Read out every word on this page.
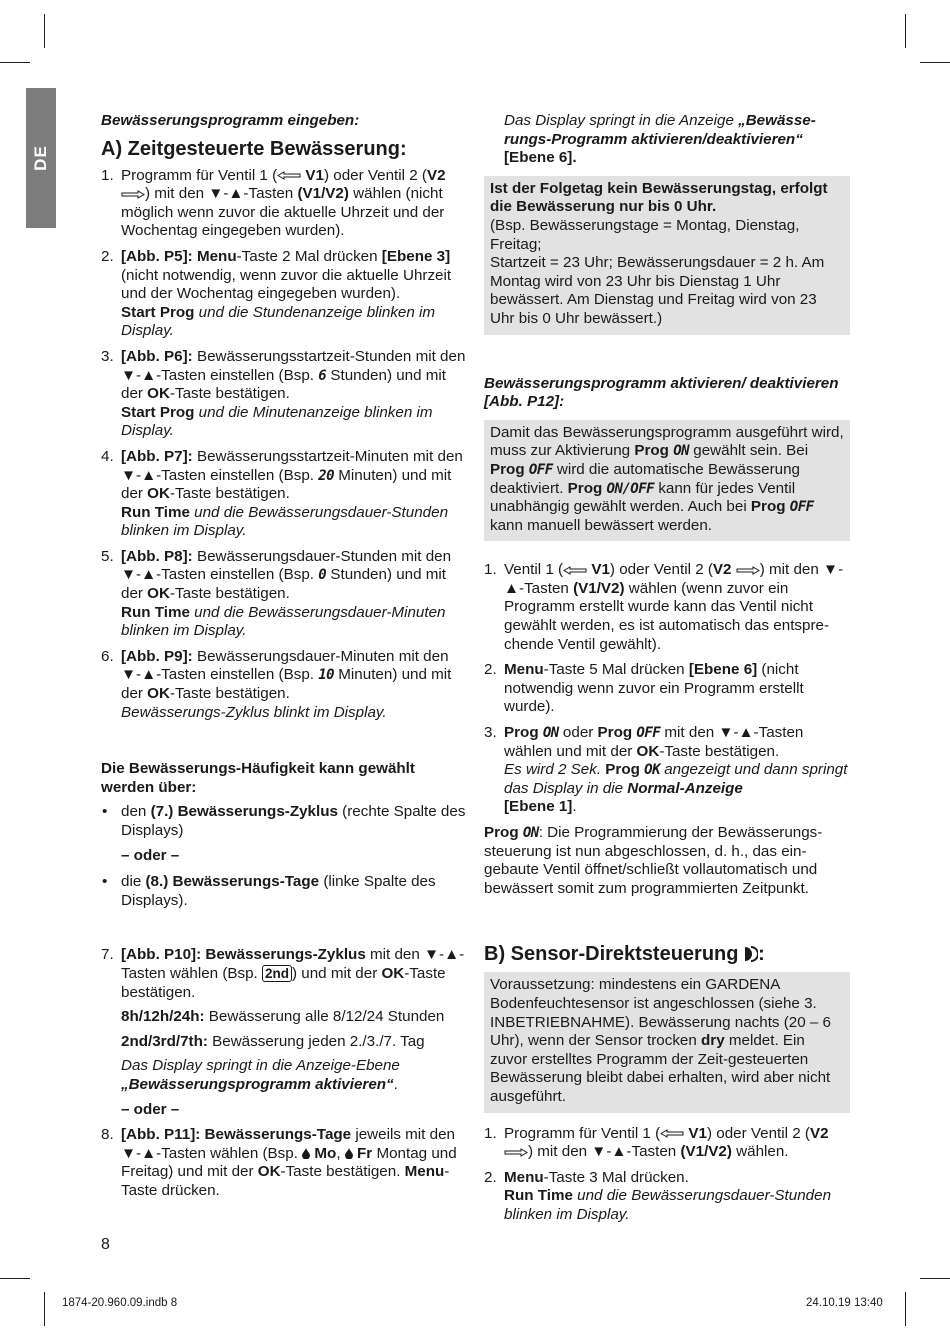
DE

Bewässerungsprogramm eingeben:

A) Zeitgesteuerte Bewässerung:
1. Programm für Ventil 1 ( V1) oder Ventil 2 (V2 ) mit den ▼-▲-Tasten (V1/V2) wählen (nicht möglich wenn zuvor die aktuelle Uhrzeit und der Wochentag eingegeben wurden).
2. [Abb. P5]: Menu-Taste 2 Mal drücken [Ebene 3] (nicht notwendig, wenn zuvor die aktuelle Uhrzeit und der Wochentag eingegeben wurden).
Start Prog und die Stundenanzeige blinken im Display.
3. [Abb. P6]: Bewässerungsstartzeit-Stunden mit den ▼-▲-Tasten einstellen (Bsp. 6 Stunden) und mit der OK-Taste bestätigen.
Start Prog und die Minutenanzeige blinken im Display.
4. [Abb. P7]: Bewässerungsstartzeit-Minuten mit den ▼-▲-Tasten einstellen (Bsp. 20 Minuten) und mit der OK-Taste bestätigen.
Run Time und die Bewässerungsdauer-Stunden blinken im Display.
5. [Abb. P8]: Bewässerungsdauer-Stunden mit den ▼-▲-Tasten einstellen (Bsp. 0 Stunden) und mit der OK-Taste bestätigen.
Run Time und die Bewässerungsdauer-Minuten blinken im Display.
6. [Abb. P9]: Bewässerungsdauer-Minuten mit den ▼-▲-Tasten einstellen (Bsp. 10 Minuten) und mit der OK-Taste bestätigen.
Bewässerungs-Zyklus blinkt im Display.

Die Bewässerungs-Häufigkeit kann gewählt werden über:

• den (7.) Bewässerungs-Zyklus (rechte Spalte des Displays)
– oder –
• die (8.) Bewässerungs-Tage (linke Spalte des Displays).
7. [Abb. P10]: Bewässerungs-Zyklus mit den ▼-▲-Tasten wählen (Bsp. 2nd ) und mit der OK-Taste bestätigen.
8h/12h/24h: Bewässerung alle 8/12/24 Stunden
2nd/3rd/7th: Bewässerung jeden 2./3./7. Tag
Das Display springt in die Anzeige-Ebene „Bewässerungsprogramm aktivieren“.
– oder –
8. [Abb. P11]: Bewässerungs-Tage jeweils mit den ▼-▲-Tasten wählen (Bsp.  Mo,  Fr Montag und Freitag) und mit der OK-Taste bestätigen. Menu-Taste drücken.
Das Display springt in die Anzeige „Bewässe-rungs-Programm aktivieren/deaktivieren“
[Ebene 6].
Ist der Folgetag kein Bewässerungstag, erfolgt die Bewässerung nur bis 0 Uhr.
(Bsp. Bewässerungstage = Montag, Dienstag, Freitag;
Startzeit = 23 Uhr; Bewässerungsdauer = 2 h. Am Montag wird von 23 Uhr bis Dienstag 1 Uhr bewässert. Am Dienstag und Freitag wird von 23 Uhr bis 0 Uhr bewässert.)

Bewässerungsprogramm aktivieren/ deaktivieren [Abb. P12]:

Damit das Bewässerungsprogramm ausgeführt wird, muss zur Aktivierung Prog ON gewählt sein. Bei Prog OFF wird die automatische Bewässerung deaktiviert. Prog ON/OFF kann für jedes Ventil unabhängig gewählt werden. Auch bei Prog OFF kann manuell bewässert werden.
1. Ventil 1 ( V1) oder Ventil 2 (V2 ) mit den ▼-▲-Tasten (V1/V2) wählen (wenn zuvor ein Programm erstellt wurde kann das Ventil nicht gewählt werden, es ist automatisch das entspre-chende Ventil gewählt).
2. Menu-Taste 5 Mal drücken [Ebene 6] (nicht notwendig wenn zuvor ein Programm erstellt wurde).
3. Prog ON oder Prog OFF mit den ▼-▲-Tasten wählen und mit der OK-Taste bestätigen.
Es wird 2 Sek. Prog OK angezeigt und dann springt das Display in die Normal-Anzeige
[Ebene 1].
Prog ON: Die Programmierung der Bewässerungs-steuerung ist nun abgeschlossen, d. h., das ein-gebaute Ventil öffnet/schließt vollautomatisch und bewässert somit zum programmierten Zeitpunkt.
B) Sensor-Direktsteuerung :
Voraussetzung: mindestens ein GARDENA Bodenfeuchtesensor ist angeschlossen (siehe 3. INBETRIEBNAHME). Bewässerung nachts (20 – 6 Uhr), wenn der Sensor trocken dry meldet. Ein zuvor erstelltes Programm der Zeit-gesteuerten Bewässerung bleibt dabei erhalten, wird aber nicht ausgeführt.
1. Programm für Ventil 1 ( V1) oder Ventil 2 (V2 ) mit den ▼-▲-Tasten (V1/V2) wählen.
2. Menu-Taste 3 Mal drücken.
Run Time und die Bewässerungsdauer-Stunden blinken im Display.
8
1874-20.960.09.indb 8	24.10.19 13:40
